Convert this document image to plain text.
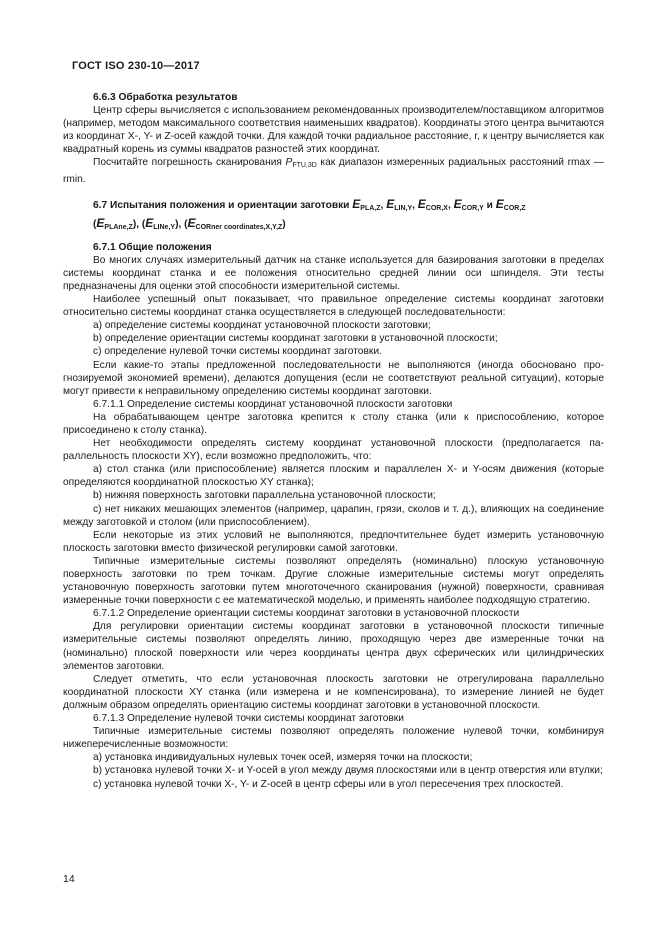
ГОСТ ISO 230-10—2017

6.6.3 Обработка результатов

Центр сферы вычисляется с использованием рекомендованных производителем/поставщиком алгоритмов (например, методом максимального соответствия наименьших квадратов). Координаты этого центра вычитаются из координат X-, Y- и Z-осей каждой точки. Для каждой точки радиальное расстояние, r, к центру вычисляется как квадратный корень из суммы квадратов разностей этих координат.

Посчитайте погрешность сканирования $P_{FTU,3D}$ как диапазон измеренных радиальных расстояний rmax — rmin.

6.7 Испытания положения и ориентации заготовки $E_{PLA,Z}$, $E_{LIN,Y}$, $E_{COR,X}$, $E_{COR,Y}$ и $E_{COR,Z}$
$(E_{PLAne,Z})$, $(E_{LINe,Y})$, $(E_{CORner coordinates,X,Y,Z})$

6.7.1 Общие положения

Во многих случаях измерительный датчик на станке используется для базирования заготовки в пределах системы координат станка и ее положения относительно средней линии оси шпинделя. Эти тесты предназначены для оценки этой способности измерительной системы.

Наиболее успешный опыт показывает, что правильное определение системы координат заготовки относительно системы координат станка осуществляется в следующей последовательности:

a) определение системы координат установочной плоскости заготовки;

b) определение ориентации системы координат заготовки в установочной плоскости;

c) определение нулевой точки системы координат заготовки.

Если какие-то этапы предложенной последовательности не выполняются (иногда обосновано прогнозируемой экономией времени), делаются допущения (если не соответствуют реальной ситуации), которые могут привести к неправильному определению системы координат заготовки.

6.7.1.1 Определение системы координат установочной плоскости заготовки

На обрабатывающем центре заготовка крепится к столу станка (или к приспособлению, которое присоединено к столу станка).

Нет необходимости определять систему координат установочной плоскости (предполагается параллельность плоскости XY), если возможно предположить, что:

a) стол станка (или приспособление) является плоским и параллелен X- и Y-осям движения (которые определяются координатной плоскостью XY станка);

b) нижняя поверхность заготовки параллельна установочной плоскости;

c) нет никаких мешающих элементов (например, царапин, грязи, сколов и т. д.), влияющих на соединение между заготовкой и столом (или приспособлением).

Если некоторые из этих условий не выполняются, предпочтительнее будет измерить установочную плоскость заготовки вместо физической регулировки самой заготовки.

Типичные измерительные системы позволяют определять (номинально) плоскую установочную поверхность заготовки по трем точкам. Другие сложные измерительные системы могут определять установочную поверхность заготовки путем многоточечного сканирования (нужной) поверхности, сравнивая измеренные точки поверхности с ее математической моделью, и применять наиболее подходящую стратегию.

6.7.1.2 Определение ориентации системы координат заготовки в установочной плоскости

Для регулировки ориентации системы координат заготовки в установочной плоскости типичные измерительные системы позволяют определять линию, проходящую через две измеренные точки на (номинально) плоской поверхности или через координаты центра двух сферических или цилиндрических элементов заготовки.

Следует отметить, что если установочная плоскость заготовки не отрегулирована параллельно координатной плоскости XY станка (или измерена и не компенсирована), то измерение линией не будет должным образом определять ориентацию системы координат заготовки в установочной плоскости.

6.7.1.3 Определение нулевой точки системы координат заготовки

Типичные измерительные системы позволяют определять положение нулевой точки, комбинируя нижеперечисленные возможности:

a) установка индивидуальных нулевых точек осей, измеряя точки на плоскости;

b) установка нулевой точки X- и Y-осей в угол между двумя плоскостями или в центр отверстия или втулки;

c) установка нулевой точки X-, Y- и Z-осей в центр сферы или в угол пересечения трех плоскостей.

14
